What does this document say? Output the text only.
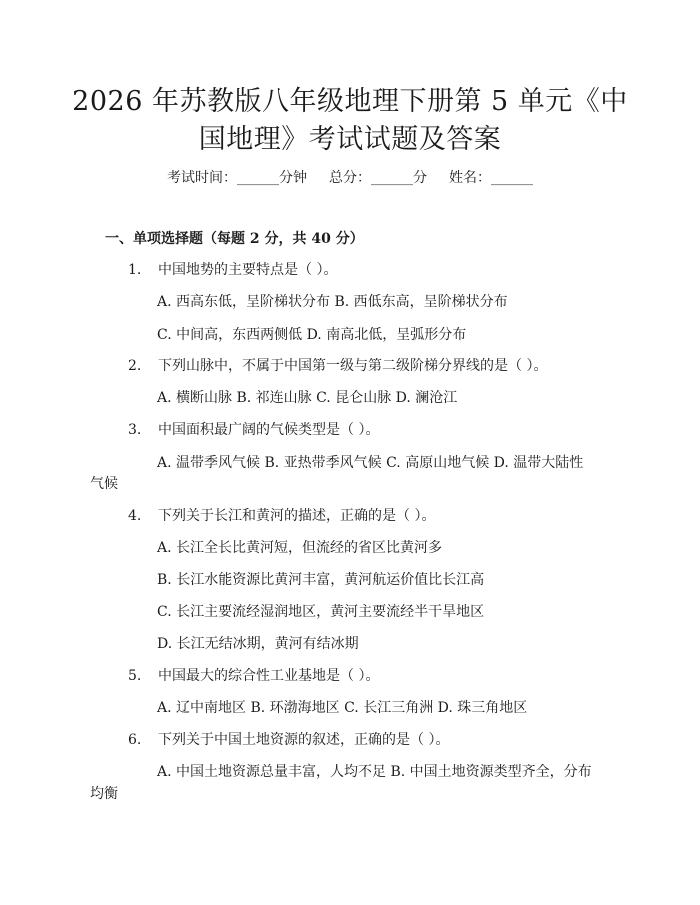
2026 年苏教版八年级地理下册第 5 单元《中
国地理》考试试题及答案
考试时间：______分钟 总分：______分 姓名：______
一、单项选择题（每题 2 分，共 40 分）
1. 中国地势的主要特点是（ ）。
A. 西高东低，呈阶梯状分布 B. 西低东高，呈阶梯状分布
C. 中间高，东西两侧低 D. 南高北低，呈弧形分布
2. 下列山脉中，不属于中国第一级与第二级阶梯分界线的是（ ）。
A. 横断山脉 B. 祁连山脉 C. 昆仑山脉 D. 澜沧江
3. 中国面积最广阔的气候类型是（ ）。
A. 温带季风气候 B. 亚热带季风气候 C. 高原山地气候 D. 温带大陆性
气候
4. 下列关于长江和黄河的描述，正确的是（ ）。
A. 长江全长比黄河短，但流经的省区比黄河多
B. 长江水能资源比黄河丰富，黄河航运价值比长江高
C. 长江主要流经湿润地区，黄河主要流经半干旱地区
D. 长江无结冰期，黄河有结冰期
5. 中国最大的综合性工业基地是（ ）。
A. 辽中南地区 B. 环渤海地区 C. 长江三角洲 D. 珠三角地区
6. 下列关于中国土地资源的叙述，正确的是（ ）。
A. 中国土地资源总量丰富，人均不足 B. 中国土地资源类型齐全，分布
均衡
